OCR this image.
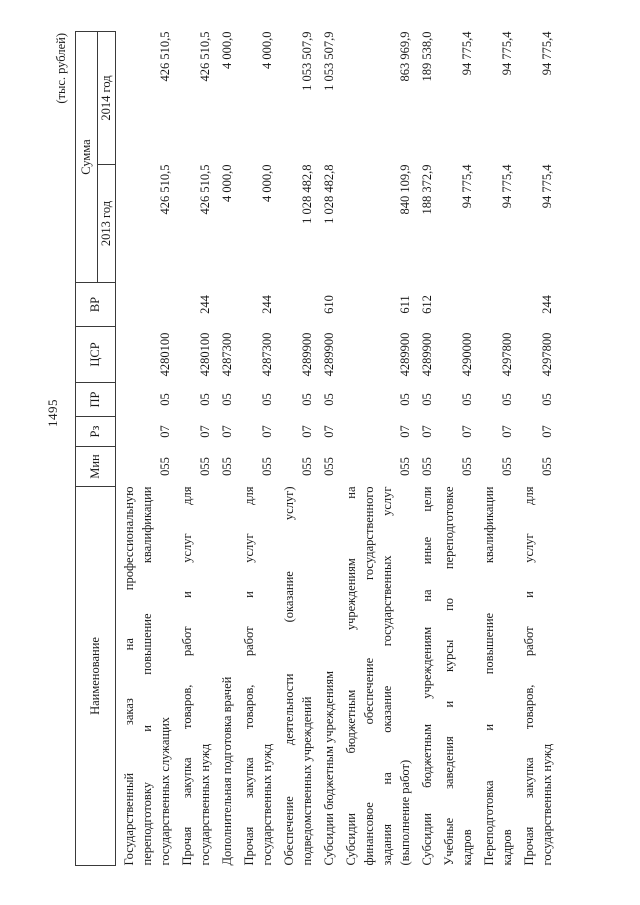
1495
(тыс. рублей)
Наименование	Мин	Рз	ПР	ЦСР	ВР	Сумма	
						2013 год	2014 год

Государственный заказ на профессиональную переподготовку и повышение квалификации государственных служащих	055	07	05	4280100		426 510,5	426 510,5

Прочая закупка товаров, работ и услуг для государственных нужд	055	07	05	4280100	244	426 510,5	426 510,5

Дополнительная подготовка врачей	055	07	05	4287300		4 000,0	4 000,0

Прочая закупка товаров, работ и услуг для государственных нужд	055	07	05	4287300	244	4 000,0	4 000,0

Обеспечение деятельности (оказание услуг) подведомственных учреждений	055	07	05	4289900		1 028 482,8	1 053 507,9

Субсидии бюджетным учреждениям	055	07	05	4289900	610	1 028 482,8	1 053 507,9

Субсидии бюджетным учреждениям на финансовое обеспечение государственного задания на оказание государственных услуг (выполнение работ)	055	07	05	4289900	611	840 109,9	863 969,9

Субсидии бюджетным учреждениям на иные цели	055	07	05	4289900	612	188 372,9	189 538,0

Учебные заведения и курсы по переподготовке кадров	055	07	05	4290000		94 775,4	94 775,4

Переподготовка и повышение квалификации кадров	055	07	05	4297800		94 775,4	94 775,4

Прочая закупка товаров, работ и услуг для государственных нужд	055	07	05	4297800	244	94 775,4	94 775,4
